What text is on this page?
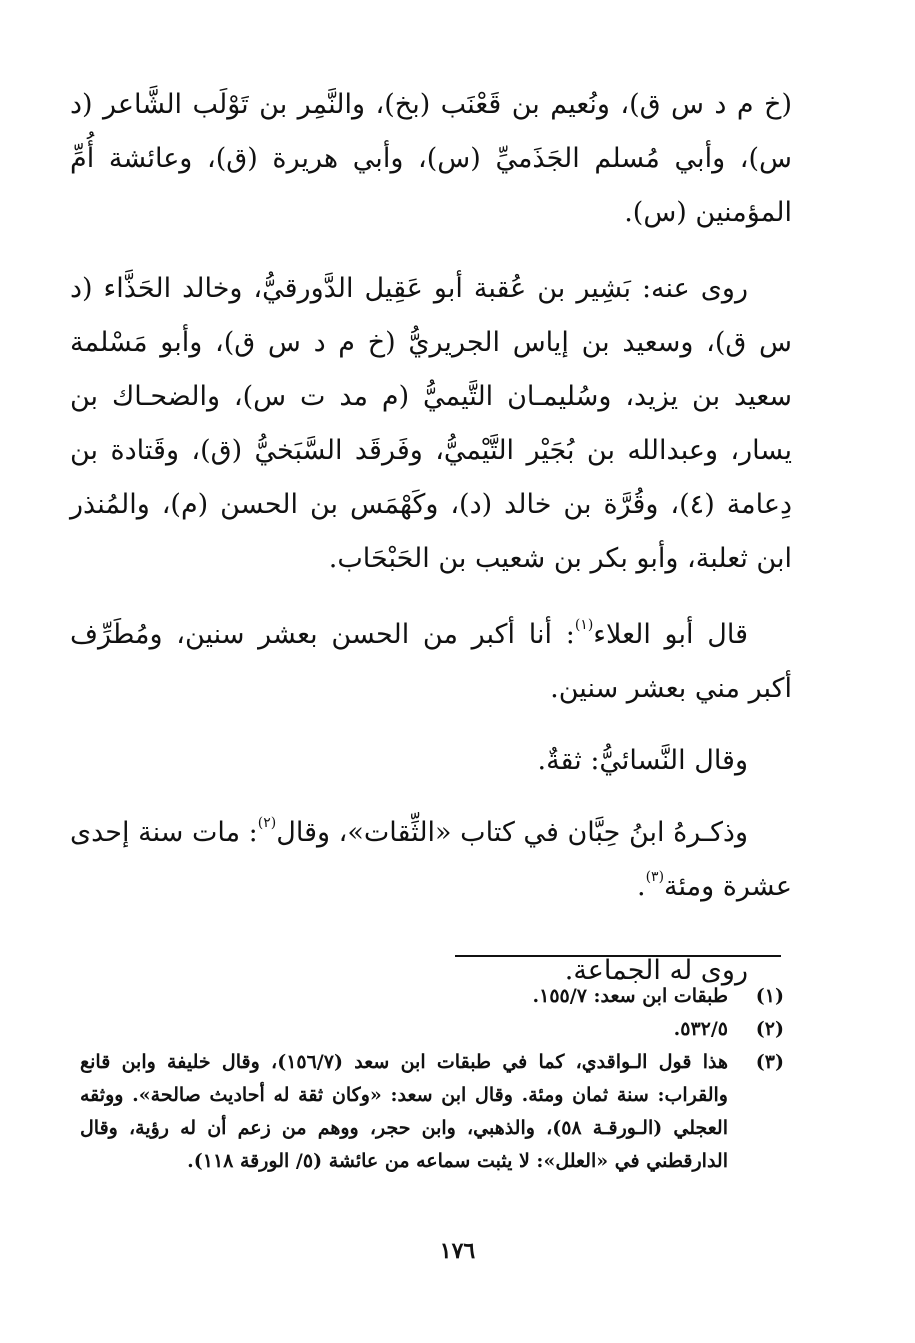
(خ م د س ق)، ونُعيم بن قَعْنَب (بخ)، والنَّمِر بن تَوْلَب الشَّاعر (د س)، وأبي مُسلم الجَذَميِّ (س)، وأبي هريرة (ق)، وعائشة أُمِّ المؤمنين (س).

روى عنه: بَشِير بن عُقبة أبو عَقِيل الدَّورقيُّ، وخالد الحَذَّاء (د س ق)، وسعيد بن إياس الجريريُّ (خ م د س ق)، وأبو مَسْلمة سعيد بن يزيد، وسُليمـان التَّيميُّ (م مد ت س)، والضحـاك بن يسار، وعبدالله بن بُجَيْر التَّيْميُّ، وفَرقَد السَّبَخيُّ (ق)، وقَتادة بن دِعامة (٤)، وقُرَّة بن خالد (د)، وكَهْمَس بن الحسن (م)، والمُنذر ابن ثعلبة، وأبو بكر بن شعيب بن الحَبْحَاب.

قال أبو العلاء$^{(١)}$: أنا أكبر من الحسن بعشر سنين، ومُطَرِّف أكبر مني بعشر سنين.

وقال النَّسائيُّ: ثقةٌ.

وذكـرهُ ابنُ حِبَّان في كتاب «الثِّقات»، وقال$^{(٢)}$: مات سنة إحدى عشرة ومئة$^{(٣)}$.

روى له الجماعة.

(١)
طبقات ابن سعد: ١٥٥/٧.
(٢)
٥٣٢/٥.
(٣)
هذا قول الـواقدي، كما في طبقات ابن سعد (١٥٦/٧)، وقال خليفة وابن قانع والقراب: سنة ثمان ومئة. وقال ابن سعد: «وكان ثقة له أحاديث صالحة». ووثقه العجلي (الـورقـة ٥٨)، والذهبي، وابن حجر، ووهم من زعم أن له رؤية، وقال الدارقطني في «العلل»: لا يثبت سماعه من عائشة (٥/ الورقة ١١٨).
١٧٦
